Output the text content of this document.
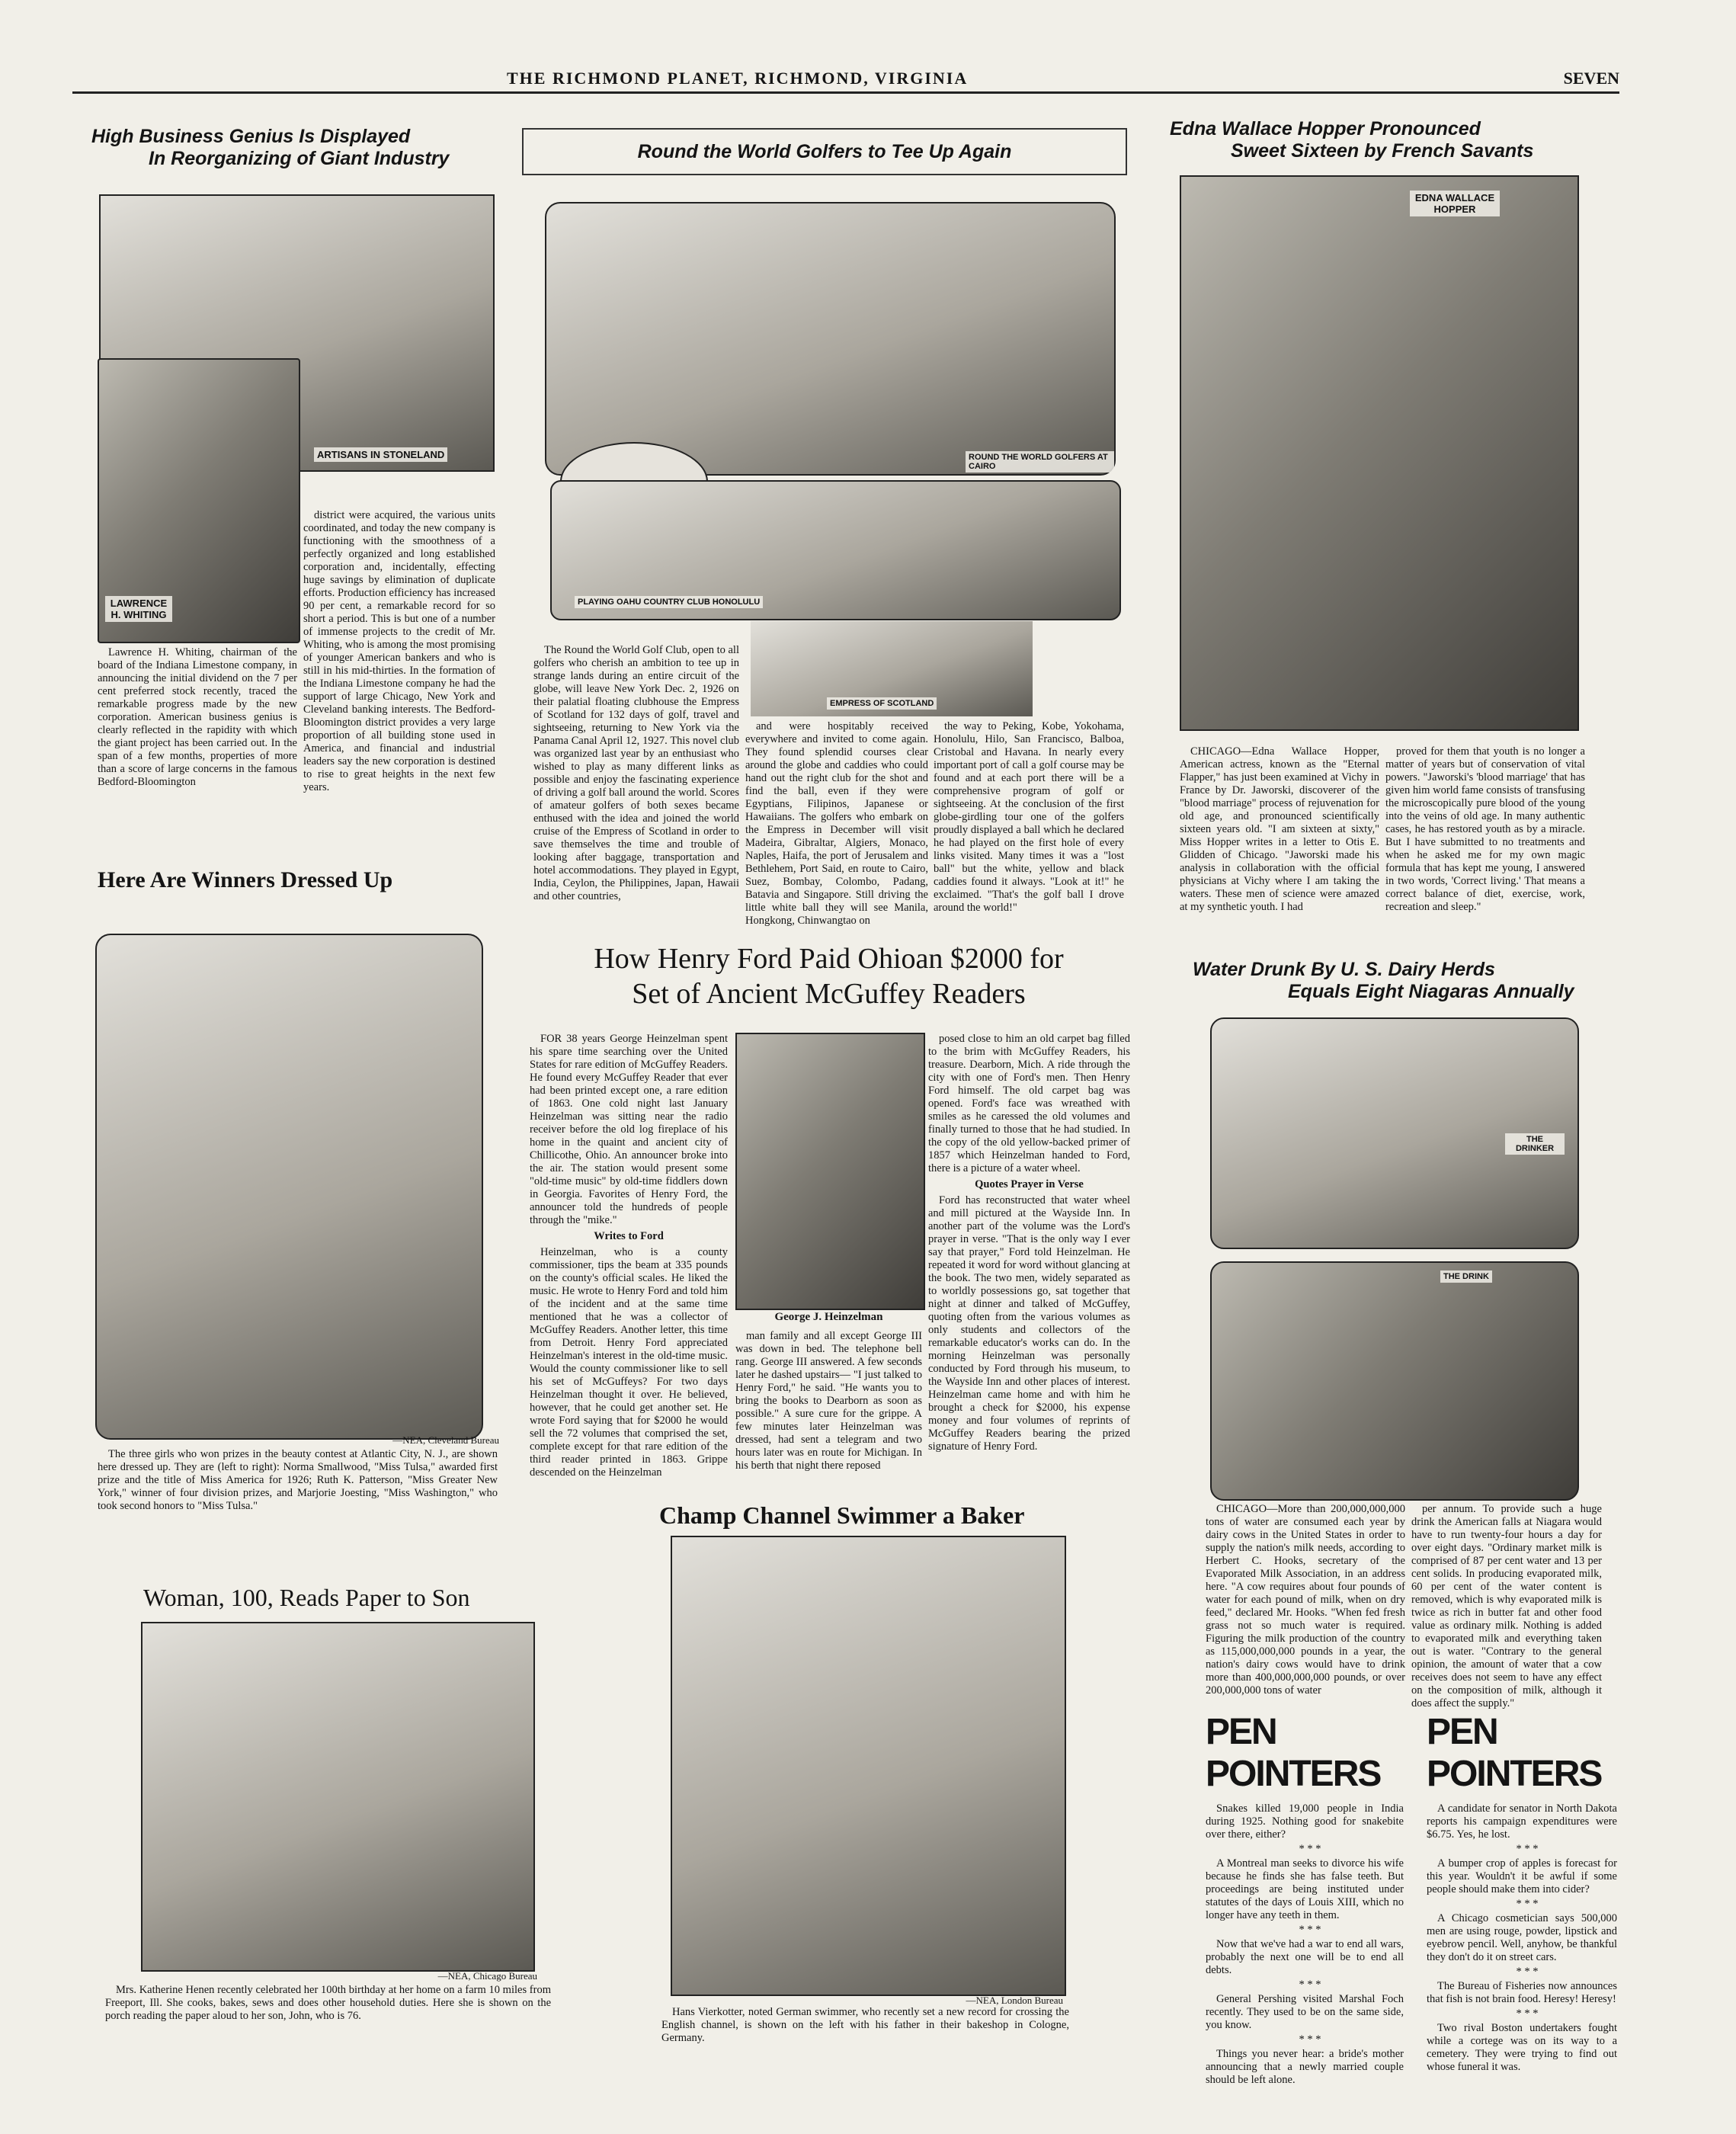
THE RICHMOND PLANET, RICHMOND, VIRGINIA	SEVEN
High Business Genius Is Displayed
In Reorganizing of Giant Industry
ARTISANS IN STONELAND
LAWRENCE H. WHITING

Lawrence H. Whiting, chairman of the board of the Indiana Limestone company, in announcing the initial dividend on the 7 per cent preferred stock recently, traced the remarkable progress made by the new corporation. American business genius is clearly reflected in the rapidity with which the giant project has been carried out. In the span of a few months, properties of more than a score of large concerns in the famous Bedford-Bloomington

district were acquired, the various units coordinated, and today the new company is functioning with the smoothness of a perfectly organized and long established corporation and, incidentally, effecting huge savings by elimination of duplicate efforts. Production efficiency has increased 90 per cent, a remarkable record for so short a period. This is but one of a number of immense projects to the credit of Mr. Whiting, who is among the most promising of younger American bankers and who is still in his mid-thirties. In the formation of the Indiana Limestone company he had the support of large Chicago, New York and Cleveland banking interests. The Bedford-Bloomington district provides a very large proportion of all building stone used in America, and financial and industrial leaders say the new corporation is destined to rise to great heights in the next few years.

Round the World Golfers to Tee Up Again
ROUND THE WORLD GOLFERS AT CAIRO
PLAYING OAHU COUNTRY CLUB HONOLULU
EMPRESS OF SCOTLAND

The Round the World Golf Club, open to all golfers who cherish an ambition to tee up in strange lands during an entire circuit of the globe, will leave New York Dec. 2, 1926 on their palatial floating clubhouse the Empress of Scotland for 132 days of golf, travel and sightseeing, returning to New York via the Panama Canal April 12, 1927. This novel club was organized last year by an enthusiast who wished to play as many different links as possible and enjoy the fascinating experience of driving a golf ball around the world. Scores of amateur golfers of both sexes became enthused with the idea and joined the world cruise of the Empress of Scotland in order to save themselves the time and trouble of looking after baggage, transportation and hotel accommodations. They played in Egypt, India, Ceylon, the Philippines, Japan, Hawaii and other countries,

and were hospitably received everywhere and invited to come again. They found splendid courses clear around the globe and caddies who could hand out the right club for the shot and find the ball, even if they were Egyptians, Filipinos, Japanese or Hawaiians. The golfers who embark on the Empress in December will visit Madeira, Gibraltar, Algiers, Monaco, Naples, Haifa, the port of Jerusalem and Bethlehem, Port Said, en route to Cairo, Suez, Bombay, Colombo, Padang, Batavia and Singapore. Still driving the little white ball they will see Manila, Hongkong, Chinwangtao on

the way to Peking, Kobe, Yokohama, Honolulu, Hilo, San Francisco, Balboa, Cristobal and Havana. In nearly every important port of call a golf course may be found and at each port there will be a comprehensive program of golf or sightseeing. At the conclusion of the first globe-girdling tour one of the golfers proudly displayed a ball which he declared he had played on the first hole of every links visited. Many times it was a "lost ball" but the white, yellow and black caddies found it always. "Look at it!" he exclaimed. "That's the golf ball I drove around the world!"

Edna Wallace Hopper Pronounced
Sweet Sixteen by French Savants
EDNA WALLACE HOPPER

CHICAGO—Edna Wallace Hopper, American actress, known as the "Eternal Flapper," has just been examined at Vichy in France by Dr. Jaworski, discoverer of the "blood marriage" process of rejuvenation for old age, and pronounced scientifically sixteen years old. "I am sixteen at sixty," Miss Hopper writes in a letter to Otis E. Glidden of Chicago. "Jaworski made his analysis in collaboration with the official physicians at Vichy where I am taking the waters. These men of science were amazed at my synthetic youth. I had

proved for them that youth is no longer a matter of years but of conservation of vital powers. "Jaworski's 'blood marriage' that has given him world fame consists of transfusing the microscopically pure blood of the young into the veins of old age. In many authentic cases, he has restored youth as by a miracle. But I have submitted to no treatments and when he asked me for my own magic formula that has kept me young, I answered in two words, 'Correct living.' That means a correct balance of diet, exercise, work, recreation and sleep."

Here Are Winners Dressed Up
—NEA, Cleveland Bureau

The three girls who won prizes in the beauty contest at Atlantic City, N. J., are shown here dressed up. They are (left to right): Norma Smallwood, "Miss Tulsa," awarded first prize and the title of Miss America for 1926; Ruth K. Patterson, "Miss Greater New York," winner of four division prizes, and Marjorie Joesting, "Miss Washington," who took second honors to "Miss Tulsa."

How Henry Ford Paid Ohioan $2000 for
Set of Ancient McGuffey Readers

FOR 38 years George Heinzelman spent his spare time searching over the United States for rare edition of McGuffey Readers. He found every McGuffey Reader that ever had been printed except one, a rare edition of 1863. One cold night last January Heinzelman was sitting near the radio receiver before the old log fireplace of his home in the quaint and ancient city of Chillicothe, Ohio. An announcer broke into the air. The station would present some "old-time music" by old-time fiddlers down in Georgia. Favorites of Henry Ford, the announcer told the hundreds of people through the "mike."

Writes to Ford

Heinzelman, who is a county commissioner, tips the beam at 335 pounds on the county's official scales. He liked the music. He wrote to Henry Ford and told him of the incident and at the same time mentioned that he was a collector of McGuffey Readers. Another letter, this time from Detroit. Henry Ford appreciated Heinzelman's interest in the old-time music. Would the county commissioner like to sell his set of McGuffeys? For two days Heinzelman thought it over. He believed, however, that he could get another set. He wrote Ford saying that for $2000 he would sell the 72 volumes that comprised the set, complete except for that rare edition of the third reader printed in 1863. Grippe descended on the Heinzelman

George J. Heinzelman

man family and all except George III was down in bed. The telephone bell rang. George III answered. A few seconds later he dashed upstairs— "I just talked to Henry Ford," he said. "He wants you to bring the books to Dearborn as soon as possible." A sure cure for the grippe. A few minutes later Heinzelman was dressed, had sent a telegram and two hours later was en route for Michigan. In his berth that night there reposed

posed close to him an old carpet bag filled to the brim with McGuffey Readers, his treasure. Dearborn, Mich. A ride through the city with one of Ford's men. Then Henry Ford himself. The old carpet bag was opened. Ford's face was wreathed with smiles as he caressed the old volumes and finally turned to those that he had studied. In the copy of the old yellow-backed primer of 1857 which Heinzelman handed to Ford, there is a picture of a water wheel.

Quotes Prayer in Verse

Ford has reconstructed that water wheel and mill pictured at the Wayside Inn. In another part of the volume was the Lord's prayer in verse. "That is the only way I ever say that prayer," Ford told Heinzelman. He repeated it word for word without glancing at the book. The two men, widely separated as to worldly possessions go, sat together that night at dinner and talked of McGuffey, quoting often from the various volumes as only students and collectors of the remarkable educator's works can do. In the morning Heinzelman was personally conducted by Ford through his museum, to the Wayside Inn and other places of interest. Heinzelman came home and with him he brought a check for $2000, his expense money and four volumes of reprints of McGuffey Readers bearing the prized signature of Henry Ford.

Water Drunk By U. S. Dairy Herds
Equals Eight Niagaras Annually
THE DRINKER
THE DRINK

CHICAGO—More than 200,000,000,000 tons of water are consumed each year by dairy cows in the United States in order to supply the nation's milk needs, according to Herbert C. Hooks, secretary of the Evaporated Milk Association, in an address here. "A cow requires about four pounds of water for each pound of milk, when on dry feed," declared Mr. Hooks. "When fed fresh grass not so much water is required. Figuring the milk production of the country as 115,000,000,000 pounds in a year, the nation's dairy cows would have to drink more than 400,000,000,000 pounds, or over 200,000,000 tons of water

per annum. To provide such a huge drink the American falls at Niagara would have to run twenty-four hours a day for over eight days. "Ordinary market milk is comprised of 87 per cent water and 13 per cent solids. In producing evaporated milk, 60 per cent of the water content is removed, which is why evaporated milk is twice as rich in butter fat and other food value as ordinary milk. Nothing is added to evaporated milk and everything taken out is water. "Contrary to the general opinion, the amount of water that a cow receives does not seem to have any effect on the composition of milk, although it does affect the supply."

Woman, 100, Reads Paper to Son
—NEA, Chicago Bureau

Mrs. Katherine Henen recently celebrated her 100th birthday at her home on a farm 10 miles from Freeport, Ill. She cooks, bakes, sews and does other household duties. Here she is shown on the porch reading the paper aloud to her son, John, who is 76.

Champ Channel Swimmer a Baker
—NEA, London Bureau

Hans Vierkotter, noted German swimmer, who recently set a new record for crossing the English channel, is shown on the left with his father in their bakeshop in Cologne, Germany.

PEN POINTERS

Snakes killed 19,000 people in India during 1925. Nothing good for snakebite over there, either?

* * *

A Montreal man seeks to divorce his wife because he finds she has false teeth. But proceedings are being instituted under statutes of the days of Louis XIII, which no longer have any teeth in them.

* * *

Now that we've had a war to end all wars, probably the next one will be to end all debts.

* * *

General Pershing visited Marshal Foch recently. They used to be on the same side, you know.

* * *

Things you never hear: a bride's mother announcing that a newly married couple should be left alone.

PEN POINTERS

A candidate for senator in North Dakota reports his campaign expenditures were $6.75. Yes, he lost.

* * *

A bumper crop of apples is forecast for this year. Wouldn't it be awful if some people should make them into cider?

* * *

A Chicago cosmetician says 500,000 men are using rouge, powder, lipstick and eyebrow pencil. Well, anyhow, be thankful they don't do it on street cars.

* * *

The Bureau of Fisheries now announces that fish is not brain food. Heresy! Heresy!

* * *

Two rival Boston undertakers fought while a cortege was on its way to a cemetery. They were trying to find out whose funeral it was.
